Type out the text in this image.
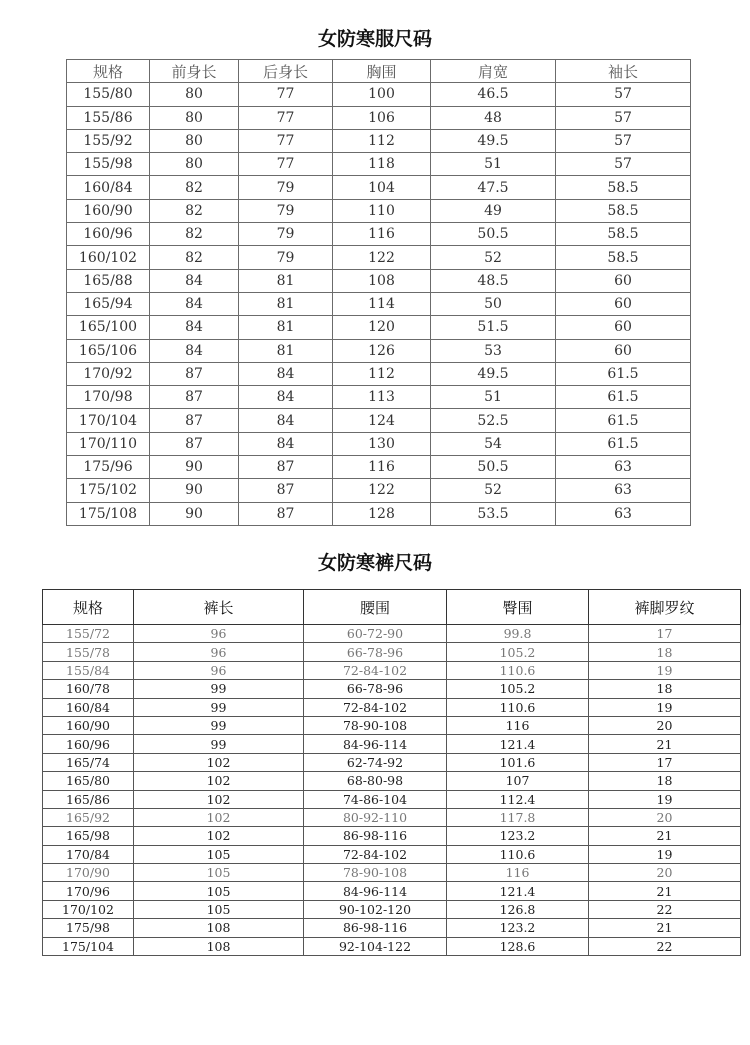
女防寒服尺码
规格	前身长	后身长	胸围	肩宽	袖长
155/80	80	77	100	46.5	57
155/86	80	77	106	48	57
155/92	80	77	112	49.5	57
155/98	80	77	118	51	57
160/84	82	79	104	47.5	58.5
160/90	82	79	110	49	58.5
160/96	82	79	116	50.5	58.5
160/102	82	79	122	52	58.5
165/88	84	81	108	48.5	60
165/94	84	81	114	50	60
165/100	84	81	120	51.5	60
165/106	84	81	126	53	60
170/92	87	84	112	49.5	61.5
170/98	87	84	113	51	61.5
170/104	87	84	124	52.5	61.5
170/110	87	84	130	54	61.5
175/96	90	87	116	50.5	63
175/102	90	87	122	52	63
175/108	90	87	128	53.5	63
女防寒裤尺码
规格	裤长	腰围	臀围	裤脚罗纹
155/72	96	60-72-90	99.8	17
155/78	96	66-78-96	105.2	18
155/84	96	72-84-102	110.6	19
160/78	99	66-78-96	105.2	18
160/84	99	72-84-102	110.6	19
160/90	99	78-90-108	116	20
160/96	99	84-96-114	121.4	21
165/74	102	62-74-92	101.6	17
165/80	102	68-80-98	107	18
165/86	102	74-86-104	112.4	19
165/92	102	80-92-110	117.8	20
165/98	102	86-98-116	123.2	21
170/84	105	72-84-102	110.6	19
170/90	105	78-90-108	116	20
170/96	105	84-96-114	121.4	21
170/102	105	90-102-120	126.8	22
175/98	108	86-98-116	123.2	21
175/104	108	92-104-122	128.6	22
